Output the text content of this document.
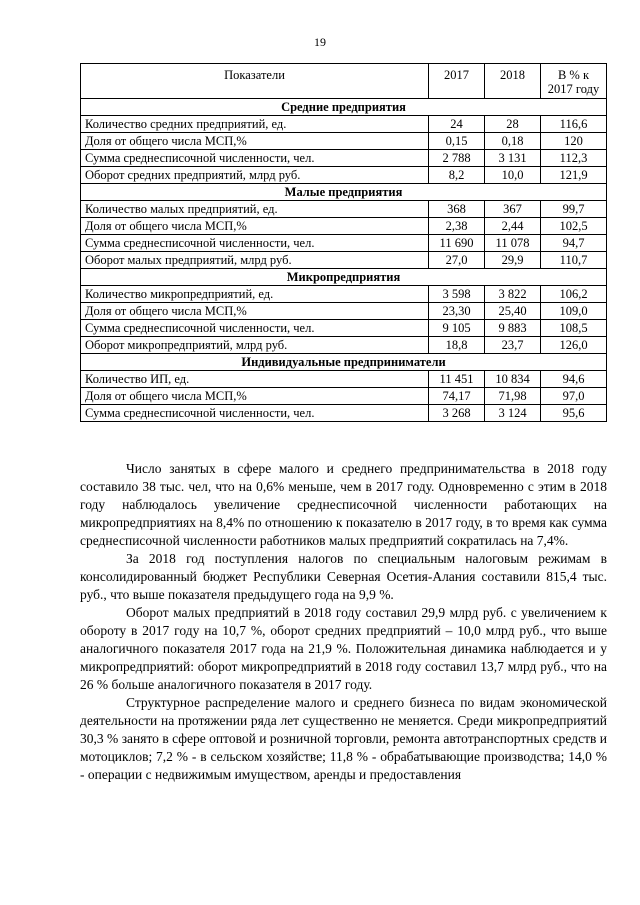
19
Показатели	2017	2018	В % к 2017 году
Средние предприятия			
Количество средних предприятий, ед.	24	28	116,6
Доля от общего числа МСП,%	0,15	0,18	120
Сумма среднесписочной численности, чел.	2 788	3 131	112,3
Оборот средних предприятий, млрд руб.	8,2	10,0	121,9
Малые предприятия			
Количество малых предприятий, ед.	368	367	99,7
Доля от общего числа МСП,%	2,38	2,44	102,5
Сумма среднесписочной численности, чел.	11 690	11 078	94,7
Оборот малых предприятий, млрд руб.	27,0	29,9	110,7
Микропредприятия			
Количество микропредприятий, ед.	3 598	3 822	106,2
Доля от общего числа МСП,%	23,30	25,40	109,0
Сумма среднесписочной численности, чел.	9 105	9 883	108,5
Оборот микропредприятий, млрд руб.	18,8	23,7	126,0
Индивидуальные предприниматели			
Количество ИП, ед.	11 451	10 834	94,6
Доля от общего числа МСП,%	74,17	71,98	97,0
Сумма среднесписочной численности, чел.	3 268	3 124	95,6

Число занятых в сфере малого и среднего предпринимательства в 2018 году составило 38 тыс. чел, что на 0,6% меньше, чем в 2017 году. Одновременно с этим в 2018 году наблюдалось увеличение среднесписочной численности работающих на микропредприятиях на 8,4% по отношению к показателю в 2017 году, в то время как сумма среднесписочной численности работников малых предприятий сократилась на 7,4%.

За 2018 год поступления налогов по специальным налоговым режимам в консолидированный бюджет Республики Северная Осетия-Алания составили 815,4 тыс. руб., что выше показателя предыдущего года на 9,9 %.

Оборот малых предприятий в 2018 году составил 29,9 млрд руб. с увеличением к обороту в 2017 году на 10,7 %, оборот средних предприятий – 10,0 млрд руб., что выше аналогичного показателя 2017 года на 21,9 %. Положительная динамика наблюдается и у микропредприятий: оборот микропредприятий в 2018 году составил 13,7 млрд руб., что на 26 % больше аналогичного показателя в 2017 году.

Структурное распределение малого и среднего бизнеса по видам экономической деятельности на протяжении ряда лет существенно не меняется. Среди микропредприятий 30,3 % занято в сфере оптовой и розничной торговли, ремонта автотранспортных средств и мотоциклов; 7,2 % - в сельском хозяйстве; 11,8 % - обрабатывающие производства; 14,0 % - операции с недвижимым имуществом, аренды и предоставления
